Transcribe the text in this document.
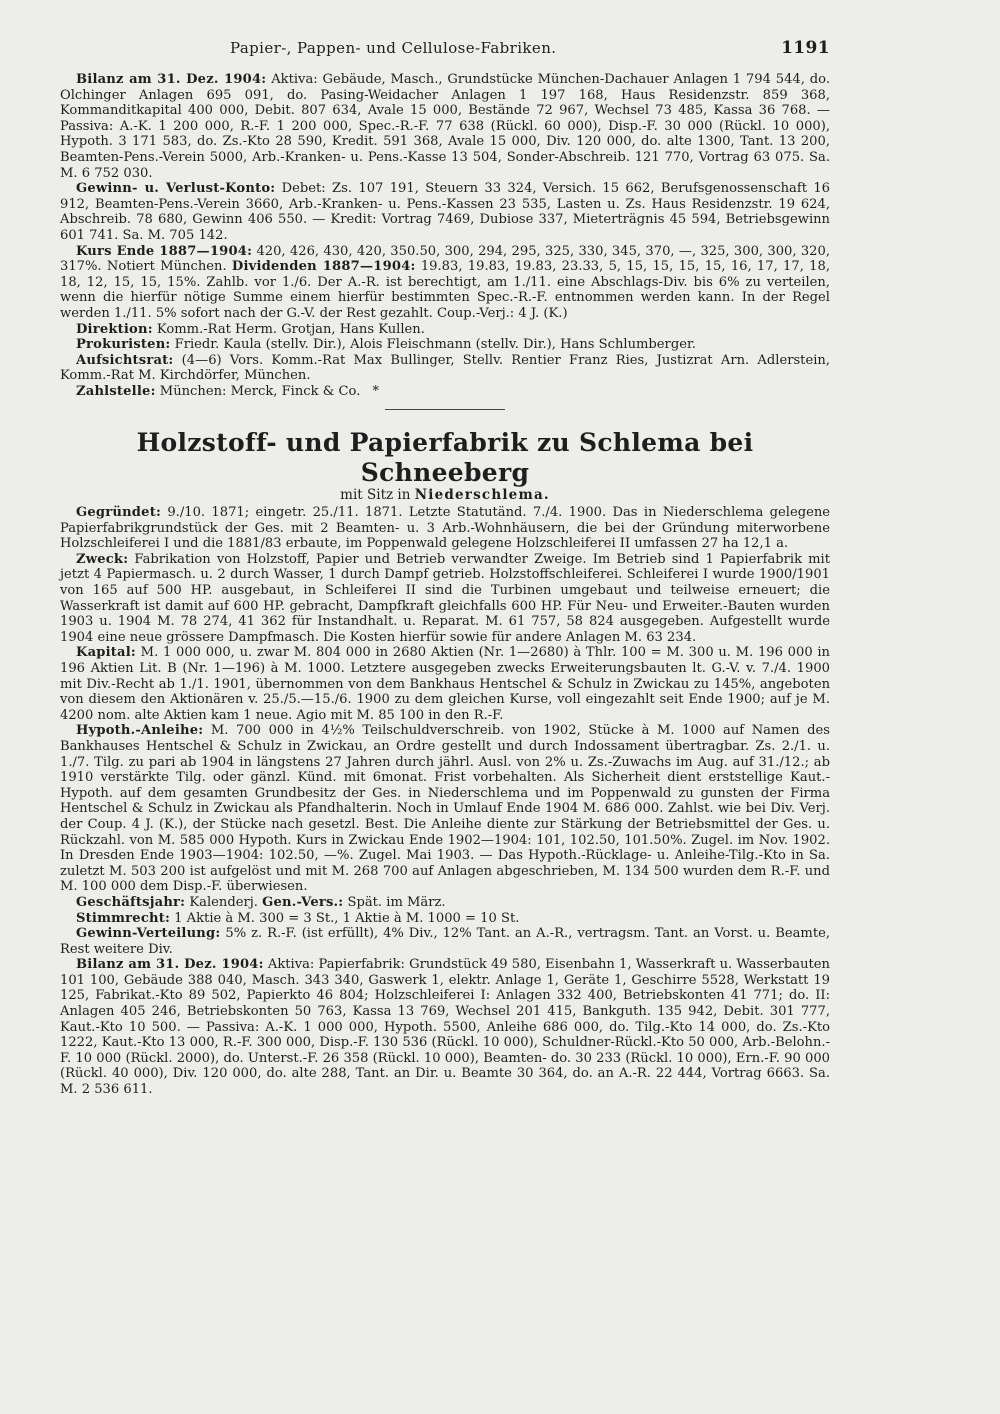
Papier-, Pappen- und Cellulose-Fabriken.	1191

Bilanz am 31. Dez. 1904: Aktiva: Gebäude, Masch., Grundstücke München-Dachauer Anlagen 1 794 544, do. Olchinger Anlagen 695 091, do. Pasing-Weidacher Anlagen 1 197 168, Haus Residenzstr. 859 368, Kommanditkapital 400 000, Debit. 807 634, Avale 15 000, Bestände 72 967, Wechsel 73 485, Kassa 36 768. — Passiva: A.-K. 1 200 000, R.-F. 1 200 000, Spec.-R.-F. 77 638 (Rückl. 60 000), Disp.-F. 30 000 (Rückl. 10 000), Hypoth. 3 171 583, do. Zs.-Kto 28 590, Kredit. 591 368, Avale 15 000, Div. 120 000, do. alte 1300, Tant. 13 200, Beamten-Pens.-Verein 5000, Arb.-Kranken- u. Pens.-Kasse 13 504, Sonder-Abschreib. 121 770, Vortrag 63 075. Sa. M. 6 752 030.

Gewinn- u. Verlust-Konto: Debet: Zs. 107 191, Steuern 33 324, Versich. 15 662, Berufsgenossenschaft 16 912, Beamten-Pens.-Verein 3660, Arb.-Kranken- u. Pens.-Kassen 23 535, Lasten u. Zs. Haus Residenzstr. 19 624, Abschreib. 78 680, Gewinn 406 550. — Kredit: Vortrag 7469, Dubiose 337, Mieterträgnis 45 594, Betriebsgewinn 601 741. Sa. M. 705 142.

Kurs Ende 1887—1904: 420, 426, 430, 420, 350.50, 300, 294, 295, 325, 330, 345, 370, —, 325, 300, 300, 320, 317%. Notiert München. Dividenden 1887—1904: 19.83, 19.83, 19.83, 23.33, 5, 15, 15, 15, 15, 16, 17, 17, 18, 18, 12, 15, 15, 15%. Zahlb. vor 1./6. Der A.-R. ist berechtigt, am 1./11. eine Abschlags-Div. bis 6% zu verteilen, wenn die hierfür nötige Summe einem hierfür bestimmten Spec.-R.-F. entnommen werden kann. In der Regel werden 1./11. 5% sofort nach der G.-V. der Rest gezahlt. Coup.-Verj.: 4 J. (K.)

Direktion: Komm.-Rat Herm. Grotjan, Hans Kullen.

Prokuristen: Friedr. Kaula (stellv. Dir.), Alois Fleischmann (stellv. Dir.), Hans Schlumberger.

Aufsichtsrat: (4—6) Vors. Komm.-Rat Max Bullinger, Stellv. Rentier Franz Ries, Justizrat Arn. Adlerstein, Komm.-Rat M. Kirchdörfer, München.

Zahlstelle: München: Merck, Finck & Co. *

Holzstoff- und Papierfabrik zu Schlema bei Schneeberg

mit Sitz in Niederschlema.

Gegründet: 9./10. 1871; eingetr. 25./11. 1871. Letzte Statutänd. 7./4. 1900. Das in Niederschlema gelegene Papierfabrikgrundstück der Ges. mit 2 Beamten- u. 3 Arb.-Wohnhäusern, die bei der Gründung miterworbene Holzschleiferei I und die 1881/83 erbaute, im Poppenwald gelegene Holzschleiferei II umfassen 27 ha 12,1 a.

Zweck: Fabrikation von Holzstoff, Papier und Betrieb verwandter Zweige. Im Betrieb sind 1 Papierfabrik mit jetzt 4 Papiermasch. u. 2 durch Wasser, 1 durch Dampf getrieb. Holzstoffschleiferei. Schleiferei I wurde 1900/1901 von 165 auf 500 HP. ausgebaut, in Schleiferei II sind die Turbinen umgebaut und teilweise erneuert; die Wasserkraft ist damit auf 600 HP. gebracht, Dampfkraft gleichfalls 600 HP. Für Neu- und Erweiter.-Bauten wurden 1903 u. 1904 M. 78 274, 41 362 für Instandhalt. u. Reparat. M. 61 757, 58 824 ausgegeben. Aufgestellt wurde 1904 eine neue grössere Dampfmasch. Die Kosten hierfür sowie für andere Anlagen M. 63 234.

Kapital: M. 1 000 000, u. zwar M. 804 000 in 2680 Aktien (Nr. 1—2680) à Thlr. 100 = M. 300 u. M. 196 000 in 196 Aktien Lit. B (Nr. 1—196) à M. 1000. Letztere ausgegeben zwecks Erweiterungsbauten lt. G.-V. v. 7./4. 1900 mit Div.-Recht ab 1./1. 1901, übernommen von dem Bankhaus Hentschel & Schulz in Zwickau zu 145%, angeboten von diesem den Aktionären v. 25./5.—15./6. 1900 zu dem gleichen Kurse, voll eingezahlt seit Ende 1900; auf je M. 4200 nom. alte Aktien kam 1 neue. Agio mit M. 85 100 in den R.-F.

Hypoth.-Anleihe: M. 700 000 in 4½% Teilschuldverschreib. von 1902, Stücke à M. 1000 auf Namen des Bankhauses Hentschel & Schulz in Zwickau, an Ordre gestellt und durch Indossament übertragbar. Zs. 2./1. u. 1./7. Tilg. zu pari ab 1904 in längstens 27 Jahren durch jährl. Ausl. von 2% u. Zs.-Zuwachs im Aug. auf 31./12.; ab 1910 verstärkte Tilg. oder gänzl. Künd. mit 6monat. Frist vorbehalten. Als Sicherheit dient erststellige Kaut.-Hypoth. auf dem gesamten Grundbesitz der Ges. in Niederschlema und im Poppenwald zu gunsten der Firma Hentschel & Schulz in Zwickau als Pfandhalterin. Noch in Umlauf Ende 1904 M. 686 000. Zahlst. wie bei Div. Verj. der Coup. 4 J. (K.), der Stücke nach gesetzl. Best. Die Anleihe diente zur Stärkung der Betriebsmittel der Ges. u. Rückzahl. von M. 585 000 Hypoth. Kurs in Zwickau Ende 1902—1904: 101, 102.50, 101.50%. Zugel. im Nov. 1902. In Dresden Ende 1903—1904: 102.50, —%. Zugel. Mai 1903. — Das Hypoth.-Rücklage- u. Anleihe-Tilg.-Kto in Sa. zuletzt M. 503 200 ist aufgelöst und mit M. 268 700 auf Anlagen abgeschrieben, M. 134 500 wurden dem R.-F. und M. 100 000 dem Disp.-F. überwiesen.

Geschäftsjahr: Kalenderj. Gen.-Vers.: Spät. im März.

Stimmrecht: 1 Aktie à M. 300 = 3 St., 1 Aktie à M. 1000 = 10 St.

Gewinn-Verteilung: 5% z. R.-F. (ist erfüllt), 4% Div., 12% Tant. an A.-R., vertragsm. Tant. an Vorst. u. Beamte, Rest weitere Div.

Bilanz am 31. Dez. 1904: Aktiva: Papierfabrik: Grundstück 49 580, Eisenbahn 1, Wasserkraft u. Wasserbauten 101 100, Gebäude 388 040, Masch. 343 340, Gaswerk 1, elektr. Anlage 1, Geräte 1, Geschirre 5528, Werkstatt 19 125, Fabrikat.-Kto 89 502, Papierkto 46 804; Holzschleiferei I: Anlagen 332 400, Betriebskonten 41 771; do. II: Anlagen 405 246, Betriebskonten 50 763, Kassa 13 769, Wechsel 201 415, Bankguth. 135 942, Debit. 301 777, Kaut.-Kto 10 500. — Passiva: A.-K. 1 000 000, Hypoth. 5500, Anleihe 686 000, do. Tilg.-Kto 14 000, do. Zs.-Kto 1222, Kaut.-Kto 13 000, R.-F. 300 000, Disp.-F. 130 536 (Rückl. 10 000), Schuldner-Rückl.-Kto 50 000, Arb.-Belohn.-F. 10 000 (Rückl. 2000), do. Unterst.-F. 26 358 (Rückl. 10 000), Beamten- do. 30 233 (Rückl. 10 000), Ern.-F. 90 000 (Rückl. 40 000), Div. 120 000, do. alte 288, Tant. an Dir. u. Beamte 30 364, do. an A.-R. 22 444, Vortrag 6663. Sa. M. 2 536 611.
